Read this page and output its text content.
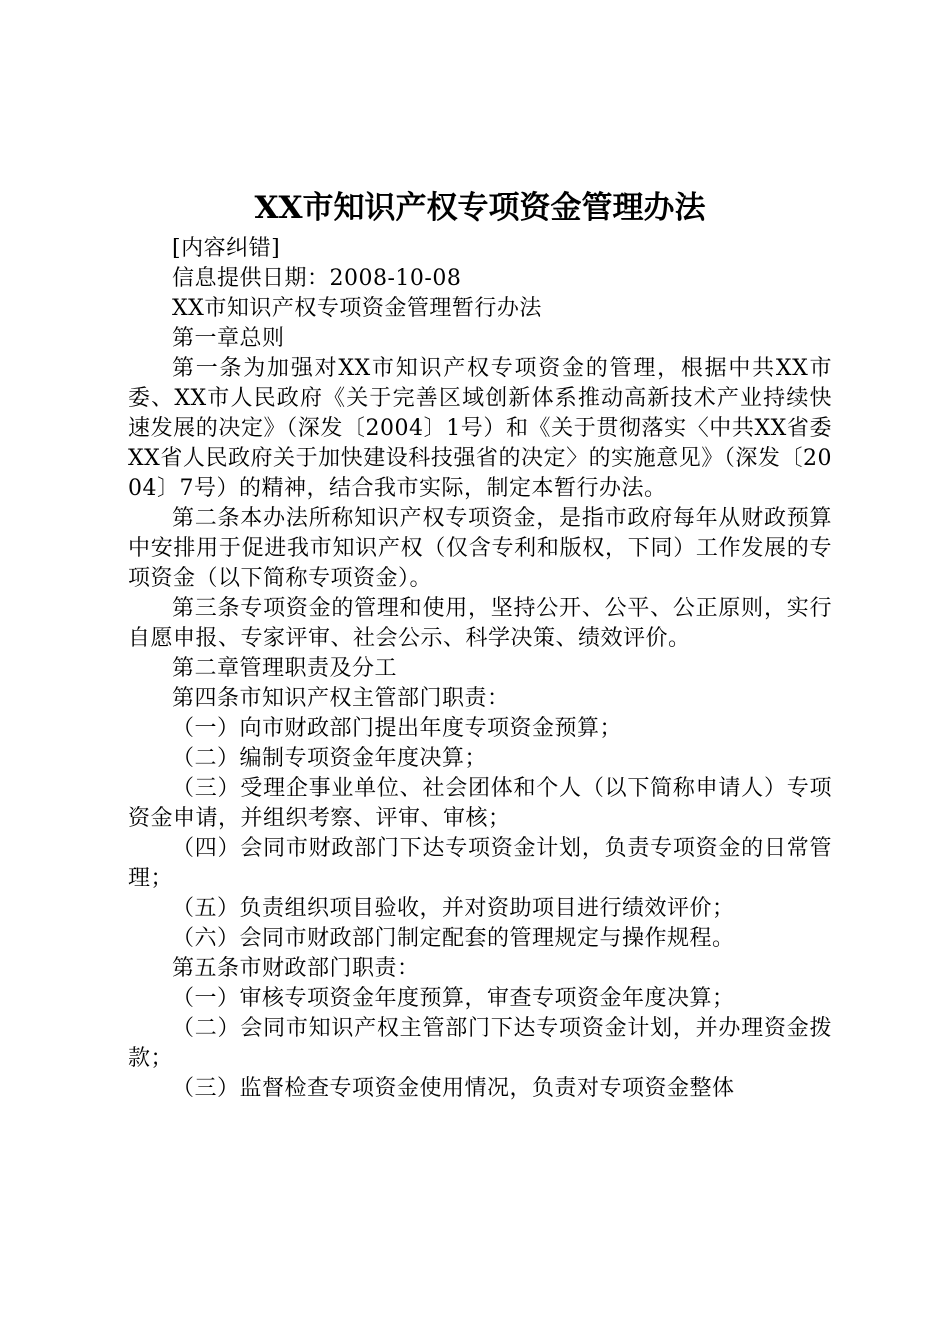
XX市知识产权专项资金管理办法

[内容纠错]

信息提供日期：2008-10-08

XX市知识产权专项资金管理暂行办法

第一章总则

第一条为加强对XX市知识产权专项资金的管理，根据中共XX市委、XX市人民政府《关于完善区域创新体系推动高新技术产业持续快速发展的决定》（深发〔2004〕1号）和《关于贯彻落实〈中共XX省委XX省人民政府关于加快建设科技强省的决定〉的实施意见》（深发〔2004〕7号）的精神，结合我市实际，制定本暂行办法。

第二条本办法所称知识产权专项资金，是指市政府每年从财政预算中安排用于促进我市知识产权（仅含专利和版权，下同）工作发展的专项资金（以下简称专项资金）。

第三条专项资金的管理和使用，坚持公开、公平、公正原则，实行自愿申报、专家评审、社会公示、科学决策、绩效评价。

第二章管理职责及分工

第四条市知识产权主管部门职责：

（一）向市财政部门提出年度专项资金预算；

（二）编制专项资金年度决算；

（三）受理企事业单位、社会团体和个人（以下简称申请人）专项资金申请，并组织考察、评审、审核；

（四）会同市财政部门下达专项资金计划，负责专项资金的日常管理；

（五）负责组织项目验收，并对资助项目进行绩效评价；

（六）会同市财政部门制定配套的管理规定与操作规程。

第五条市财政部门职责：

（一）审核专项资金年度预算，审查专项资金年度决算；

（二）会同市知识产权主管部门下达专项资金计划，并办理资金拨款；

（三）监督检查专项资金使用情况，负责对专项资金整体
